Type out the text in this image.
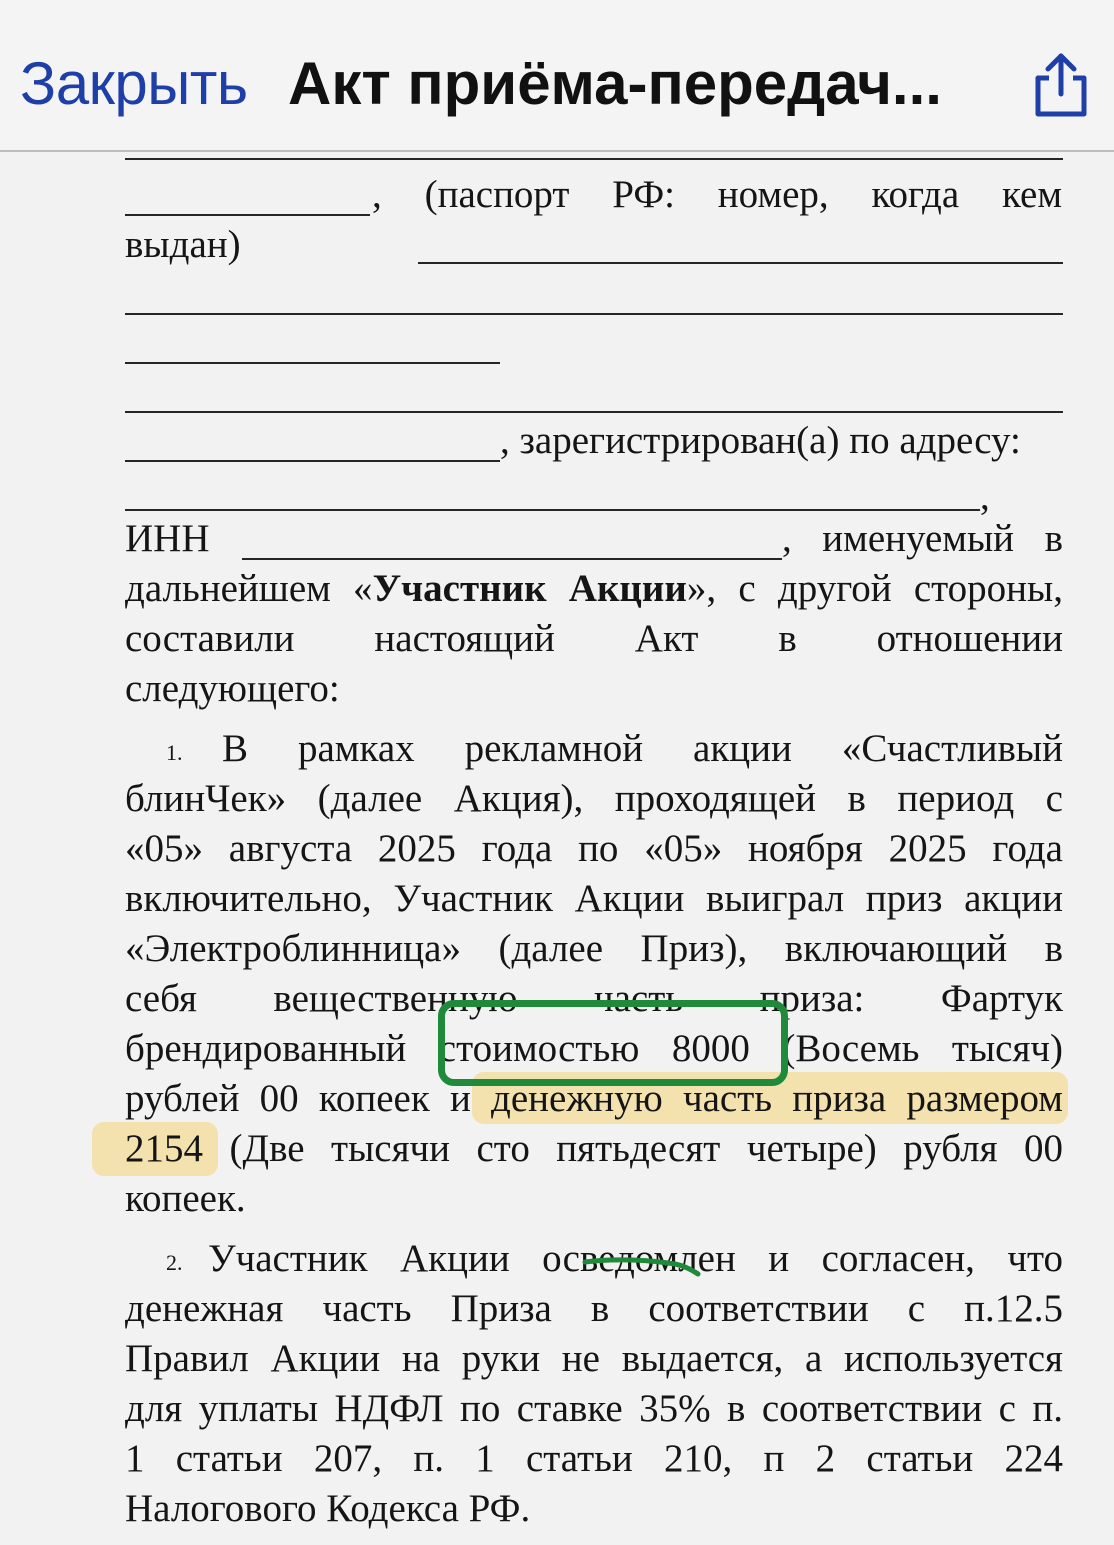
Закрыть Акт приёма-передач...
, (паспорт РФ: номер, когда кем
выдан)
, зарегистрирован(а) по адресу:
,
ИНН	, именуемый в
дальнейшем «Участник Акции», с другой стороны,
составили настоящий Акт в отношении
следующего:
1. В рамках рекламной акции «Счастливый
блинЧек» (далее Акция), проходящей в период с
«05» августа 2025 года по «05» ноября 2025 года
включительно, Участник Акции выиграл приз акции
«Электроблинница» (далее Приз), включающий в
себя вещественную часть приза: Фартук
брендированный стоимостью 8000 (Восемь тысяч)
рублей 00 копеек и денежную часть приза размером
2154 (Две тысячи сто пятьдесят четыре) рубля 00
копеек.
2. Участник Акции осведомлен и согласен, что
денежная часть Приза в соответствии с п.12.5
Правил Акции на руки не выдается, а используется
для уплаты НДФЛ по ставке 35% в соответствии с п.
1 статьи 207, п. 1 статьи 210, п 2 статьи 224
Налогового Кодекса РФ.
